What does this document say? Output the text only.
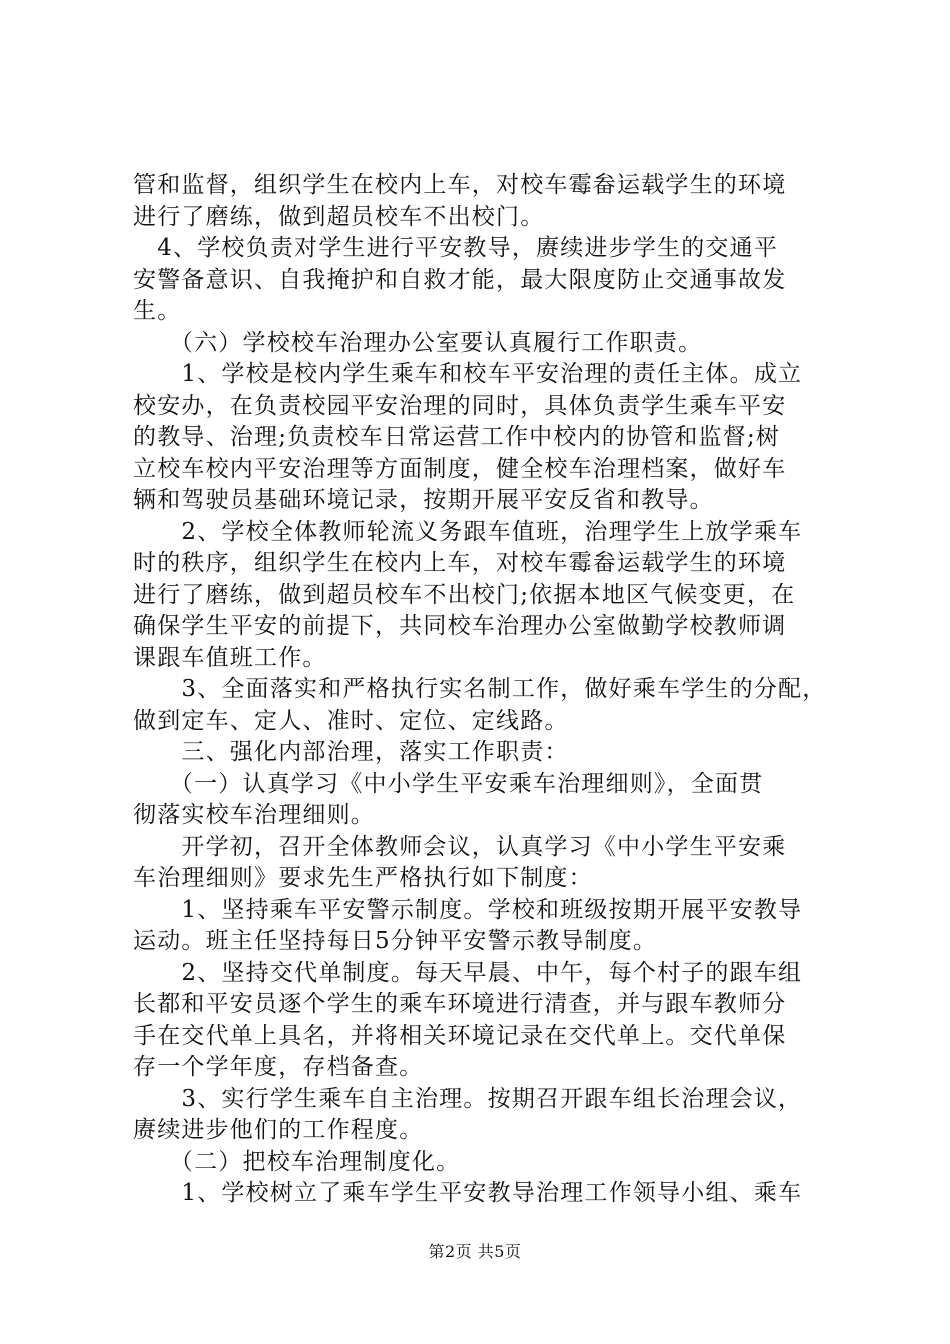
管和监督，组织学生在校内上车，对校车霉畚运载学生的环境
进行了磨练，做到超员校车不出校门。
　4、学校负责对学生进行平安教导，赓续进步学生的交通平
安警备意识、自我掩护和自救才能，最大限度防止交通事故发
生。
　　（六）学校校车治理办公室要认真履行工作职责。
　　1、学校是校内学生乘车和校车平安治理的责任主体。成立
校安办，在负责校园平安治理的同时，具体负责学生乘车平安
的教导、治理;负责校车日常运营工作中校内的协管和监督;树
立校车校内平安治理等方面制度，健全校车治理档案，做好车
辆和驾驶员基础环境记录，按期开展平安反省和教导。
　　2、学校全体教师轮流义务跟车值班，治理学生上放学乘车
时的秩序，组织学生在校内上车，对校车霉畚运载学生的环境
进行了磨练，做到超员校车不出校门;依据本地区气候变更，在
确保学生平安的前提下，共同校车治理办公室做勤学校教师调
课跟车值班工作。
　　3、全面落实和严格执行实名制工作，做好乘车学生的分配，
做到定车、定人、准时、定位、定线路。
　　三、强化内部治理，落实工作职责：
　　（一）认真学习《中小学生平安乘车治理细则》，全面贯
彻落实校车治理细则。
　　开学初，召开全体教师会议，认真学习《中小学生平安乘
车治理细则》要求先生严格执行如下制度：
　　1、坚持乘车平安警示制度。学校和班级按期开展平安教导
运动。班主任坚持每日5分钟平安警示教导制度。
　　2、坚持交代单制度。每天早晨、中午，每个村子的跟车组
长都和平安员逐个学生的乘车环境进行清查，并与跟车教师分
手在交代单上具名，并将相关环境记录在交代单上。交代单保
存一个学年度，存档备查。
　　3、实行学生乘车自主治理。按期召开跟车组长治理会议，
赓续进步他们的工作程度。
　　（二）把校车治理制度化。
　　1、学校树立了乘车学生平安教导治理工作领导小组、乘车
第2页 共5页
